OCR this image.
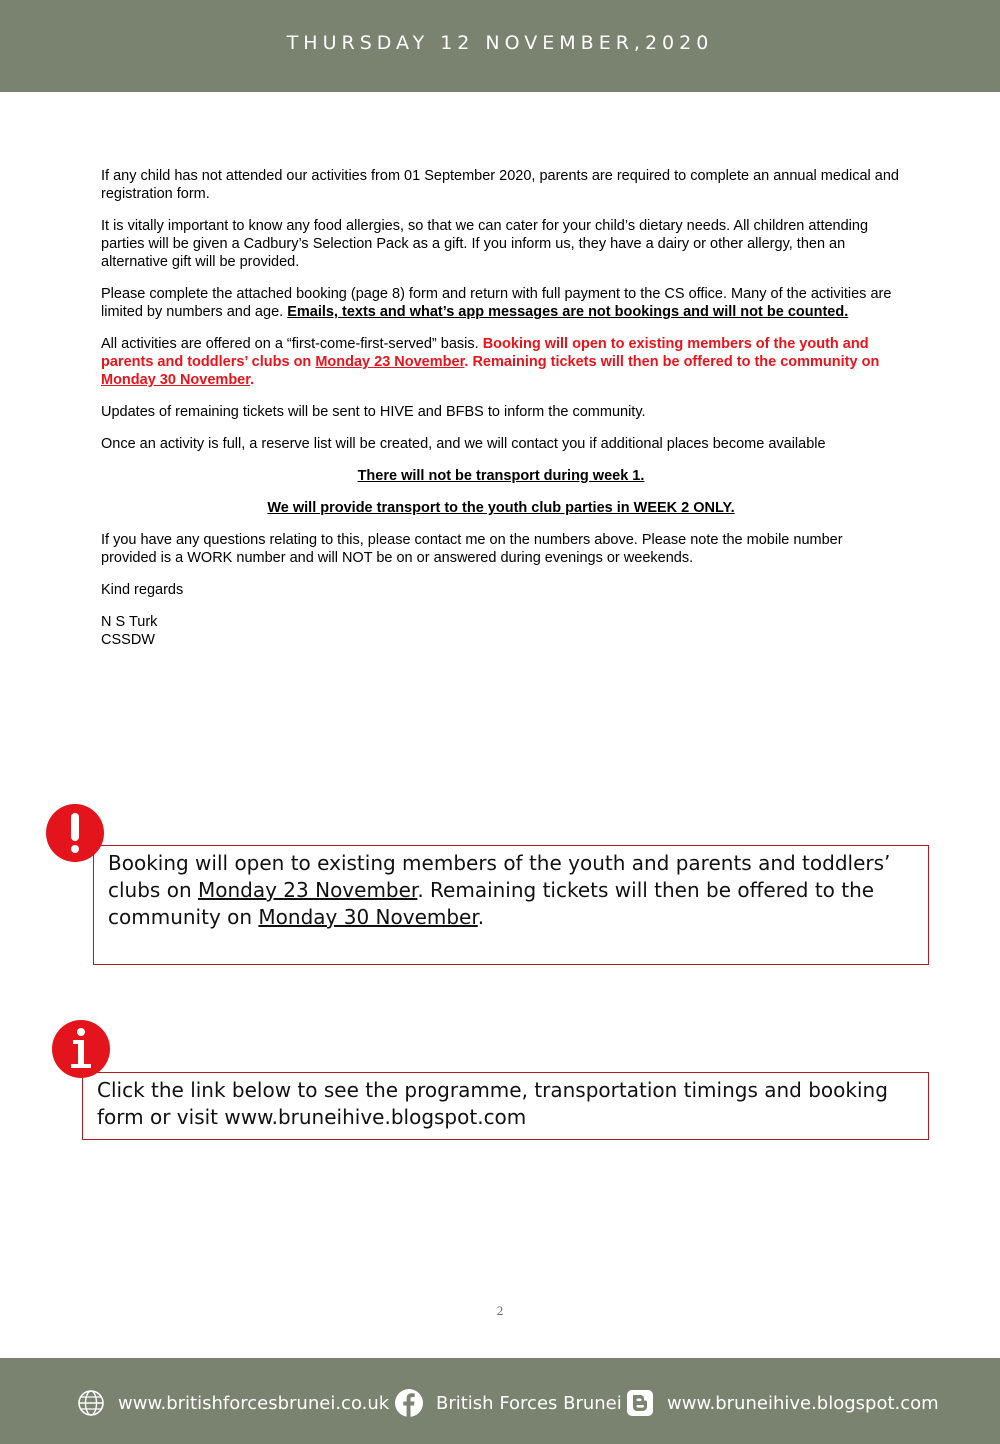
THURSDAY 12 NOVEMBER,2020

If any child has not attended our activities from 01 September 2020, parents are required to complete an annual medical and registration form.

It is vitally important to know any food allergies, so that we can cater for your child’s dietary needs. All children attending parties will be given a Cadbury’s Selection Pack as a gift. If you inform us, they have a dairy or other allergy, then an alternative gift will be provided.

Please complete the attached booking (page 8) form and return with full payment to the CS office. Many of the activities are limited by numbers and age. Emails, texts and what’s app messages are not bookings and will not be counted.

All activities are offered on a “first-come-first-served” basis. Booking will open to existing members of the youth and parents and toddlers’ clubs on Monday 23 November. Remaining tickets will then be offered to the community on Monday 30 November.

Updates of remaining tickets will be sent to HIVE and BFBS to inform the community.

Once an activity is full, a reserve list will be created, and we will contact you if additional places become available

There will not be transport during week 1.

We will provide transport to the youth club parties in WEEK 2 ONLY.

If you have any questions relating to this, please contact me on the numbers above. Please note the mobile number provided is a WORK number and will NOT be on or answered during evenings or weekends.

Kind regards

N S Turk
CSSDW

Booking will open to existing members of the youth and parents and toddlers’ clubs on Monday 23 November. Remaining tickets will then be offered to the community on Monday 30 November.
Click the link below to see the programme, transportation timings and booking form or visit www.bruneihive.blogspot.com
2
www.britishforcesbrunei.co.uk	British Forces Brunei	www.bruneihive.blogspot.com
